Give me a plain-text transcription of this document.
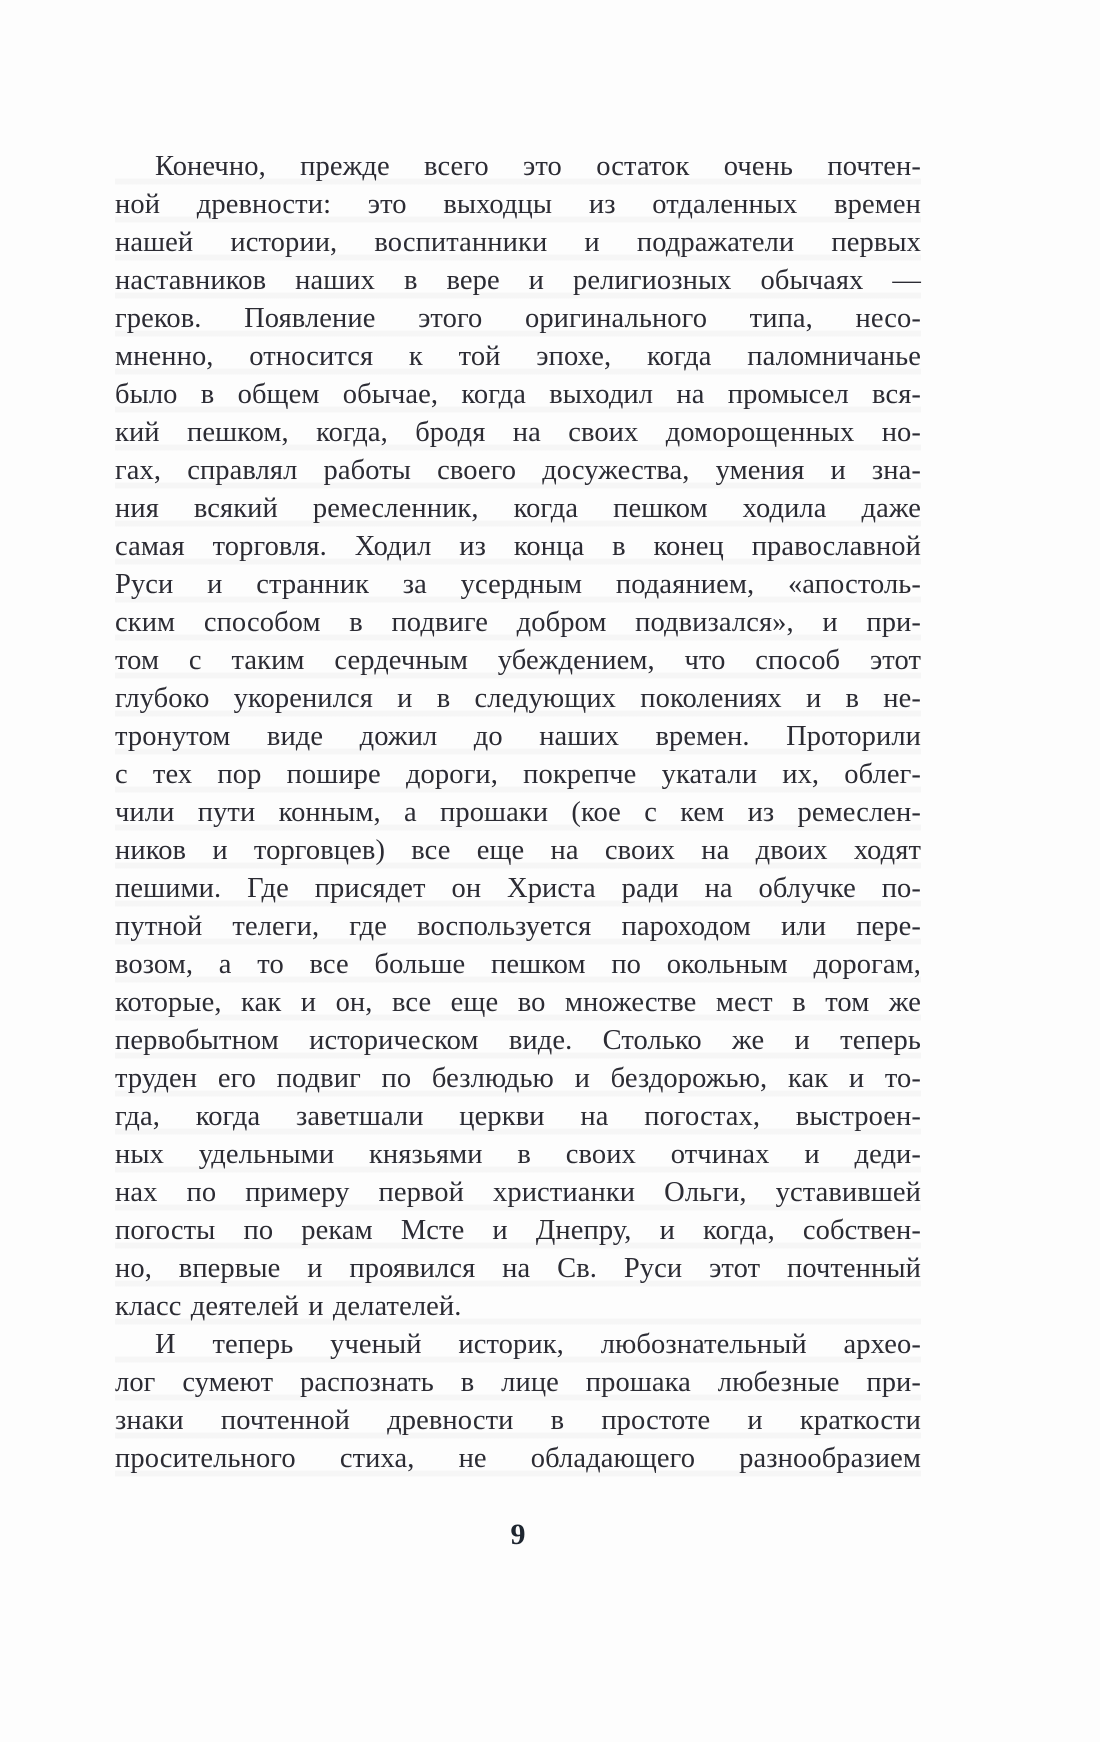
Конечно, прежде всего это остаток очень почтен-
ной древности: это выходцы из отдаленных времен
нашей истории, воспитанники и подражатели первых
наставников наших в вере и религиозных обычаях —
греков. Появление этого оригинального типа, несо-
мненно, относится к той эпохе, когда паломничанье
было в общем обычае, когда выходил на промысел вся-
кий пешком, когда, бродя на своих доморощенных но-
гах, справлял работы своего досужества, умения и зна-
ния всякий ремесленник, когда пешком ходила даже
самая торговля. Ходил из конца в конец православной
Руси и странник за усердным подаянием, «апостоль-
ским способом в подвиге добром подвизался», и при-
том с таким сердечным убеждением, что способ этот
глубоко укоренился и в следующих поколениях и в не-
тронутом виде дожил до наших времен. Проторили
с тех пор пошире дороги, покрепче укатали их, облег-
чили пути конным, а прошаки (кое с кем из ремеслен-
ников и торговцев) все еще на своих на двоих ходят
пешими. Где присядет он Христа ради на облучке по-
путной телеги, где воспользуется пароходом или пере-
возом, а то все больше пешком по окольным дорогам,
которые, как и он, все еще во множестве мест в том же
первобытном историческом виде. Столько же и теперь
труден его подвиг по безлюдью и бездорожью, как и то-
гда, когда заветшали церкви на погостах, выстроен-
ных удельными князьями в своих отчинах и деди-
нах по примеру первой христианки Ольги, уставившей
погосты по рекам Мсте и Днепру, и когда, собствен-
но, впервые и проявился на Св. Руси этот почтенный
класс деятелей и делателей.
И теперь ученый историк, любознательный архео-
лог сумеют распознать в лице прошака любезные при-
знаки почтенной древности в простоте и краткости
просительного стиха, не обладающего разнообразием
9
